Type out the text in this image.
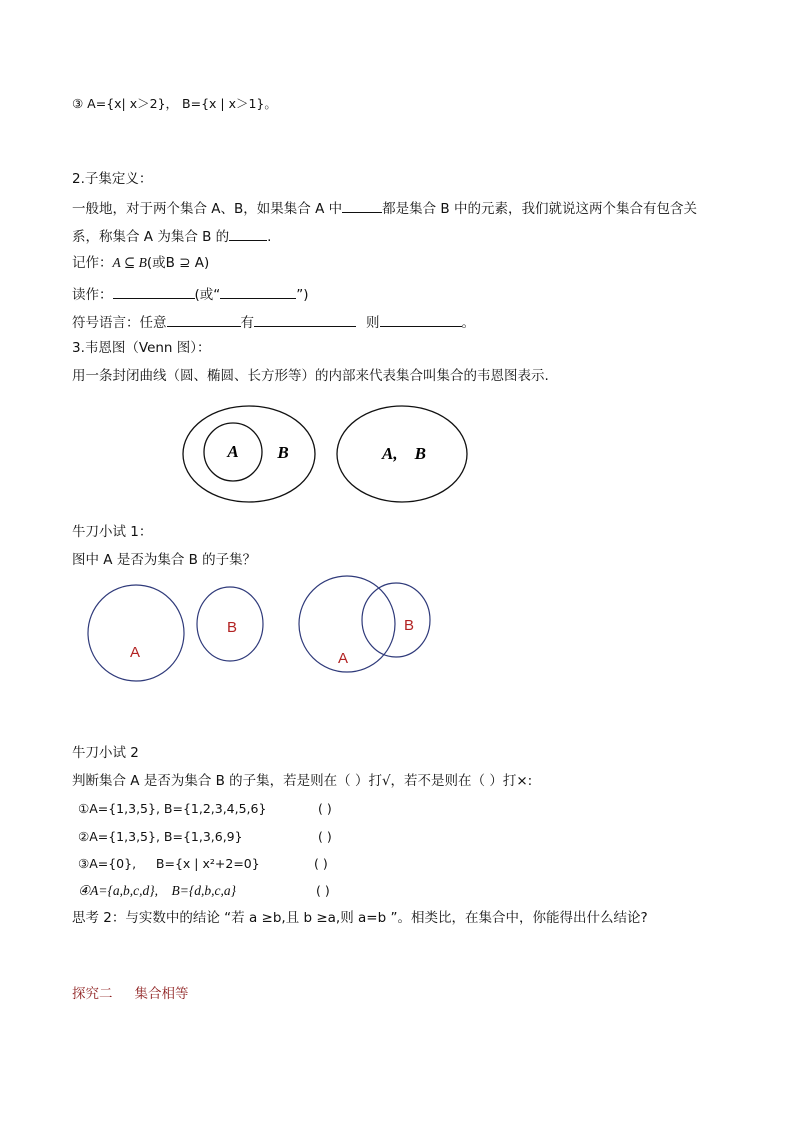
③ A={x| x＞2}， B={x | x＞1}。
2.子集定义：
一般地，对于两个集合 A、B，如果集合 A 中	都是集合 B 中的元素，我们就说这两个集合有包含关
系，称集合 A 为集合 B 的	.
记作：A ⊆ B(或B ⊇ A)
读作：	(或“	”)
符号语言：任意	有	则	。
3.韦恩图（Venn 图）：
用一条封闭曲线（圆、椭圆、长方形等）的内部来代表集合叫集合的韦恩图表示.
A B	A,    B
A
B
A
B
牛刀小试 1：
图中 A 是否为集合 B 的子集？
牛刀小试 2
判断集合 A 是否为集合 B 的子集，若是则在（ ）打√，若不是则在（ ）打×:
①A={1,3,5}, B={1,2,3,4,5,6}	( )
②A={1,3,5}, B={1,3,6,9}	( )
③A={0},     B={x | x²+2=0}	( )
④A={a,b,c,d},    B={d,b,c,a}	( )
思考 2：与实数中的结论 “若 a ≥b,且 b ≥a,则 a=b ”。相类比，在集合中，你能得出什么结论?
探究二 集合相等
